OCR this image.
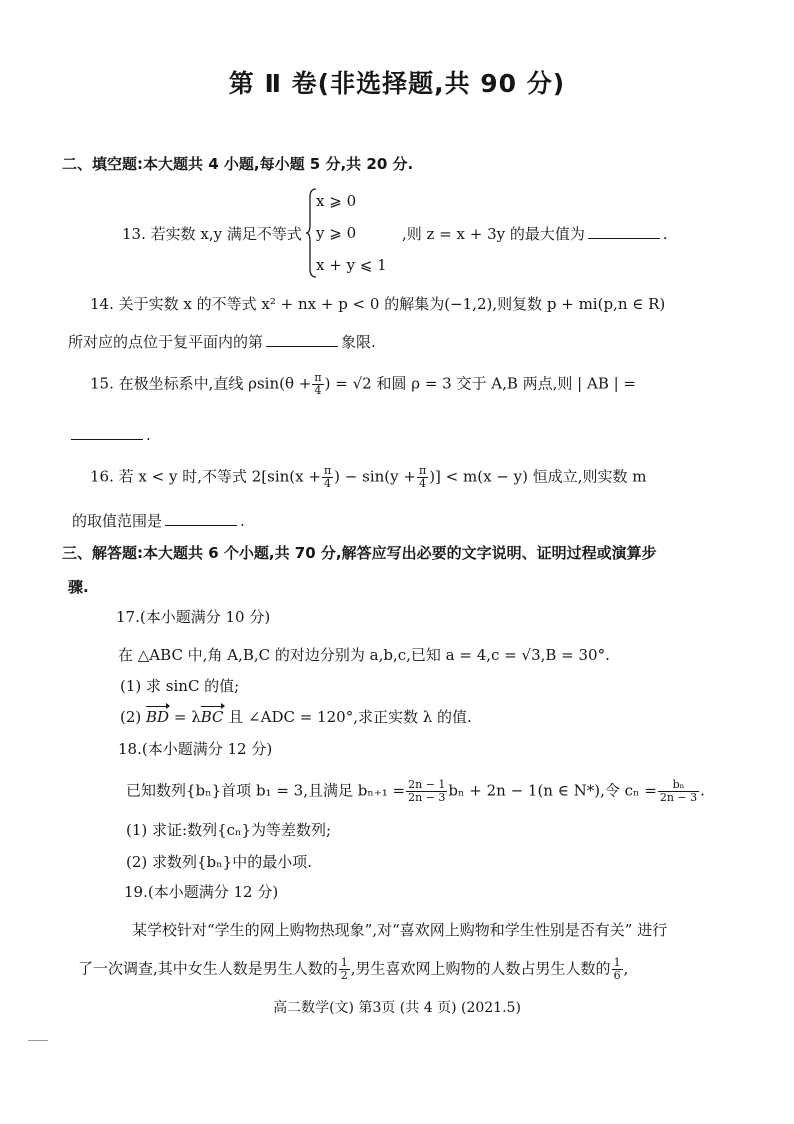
第 Ⅱ 卷(非选择题,共 90 分)
二、填空题:本大题共 4 小题,每小题 5 分,共 20 分.
13. 若实数 x,y 满足不等式
x ⩾ 0
y ⩾ 0
x + y ⩽ 1
,则 z = x + 3y 的最大值为	.
14. 关于实数 x 的不等式 x² + nx + p < 0 的解集为(−1,2),则复数 p + mi(p,n ∈ R)
所对应的点位于复平面内的第	象限.
15. 在极坐标系中,直线 $\rho\sin(\theta + \frac{\pi}{4}$ ) = √2 和圆 ρ = 3 交于 A,B 两点,则 | AB | =
.
16. 若 x < y 时,不等式 $2[\sin(x + \frac{\pi}{4}$ ) − $\sin(y + \frac{\pi}{4}$ )] < m(x − y) 恒成立,则实数 m
的取值范围是	.
三、解答题:本大题共 6 个小题,共 70 分,解答应写出必要的文字说明、证明过程或演算步
骤.
17.(本小题满分 10 分)
在 △ABC 中,角 A,B,C 的对边分别为 a,b,c,已知 a = 4,c = √3,B = 30°.
(1) 求 sinC 的值;
(2) BD = λBC 且 ∠ADC = 120°,求正实数 λ 的值.
18.(本小题满分 12 分)
已知数列{bₙ}首项 b₁ = 3,且满足 $b_{n+1} = \frac{2n - 1}{2n - 3}$ bₙ + 2n − 1(n ∈ N*),令 $c_n = \frac{\text{bₙ}}{2n - 3}$ .
(1) 求证:数列{cₙ}为等差数列;
(2) 求数列{bₙ}中的最小项.
19.(本小题满分 12 分)
某学校针对“学生的网上购物热现象”,对“喜欢网上购物和学生性别是否有关” 进行
了一次调查,其中女生人数是男生人数的 $\frac{1}{2}$ ,男生喜欢网上购物的人数占男生人数的 $\frac{1}{6}$ ,
高二数学(文) 第3页 (共 4 页) (2021.5)
